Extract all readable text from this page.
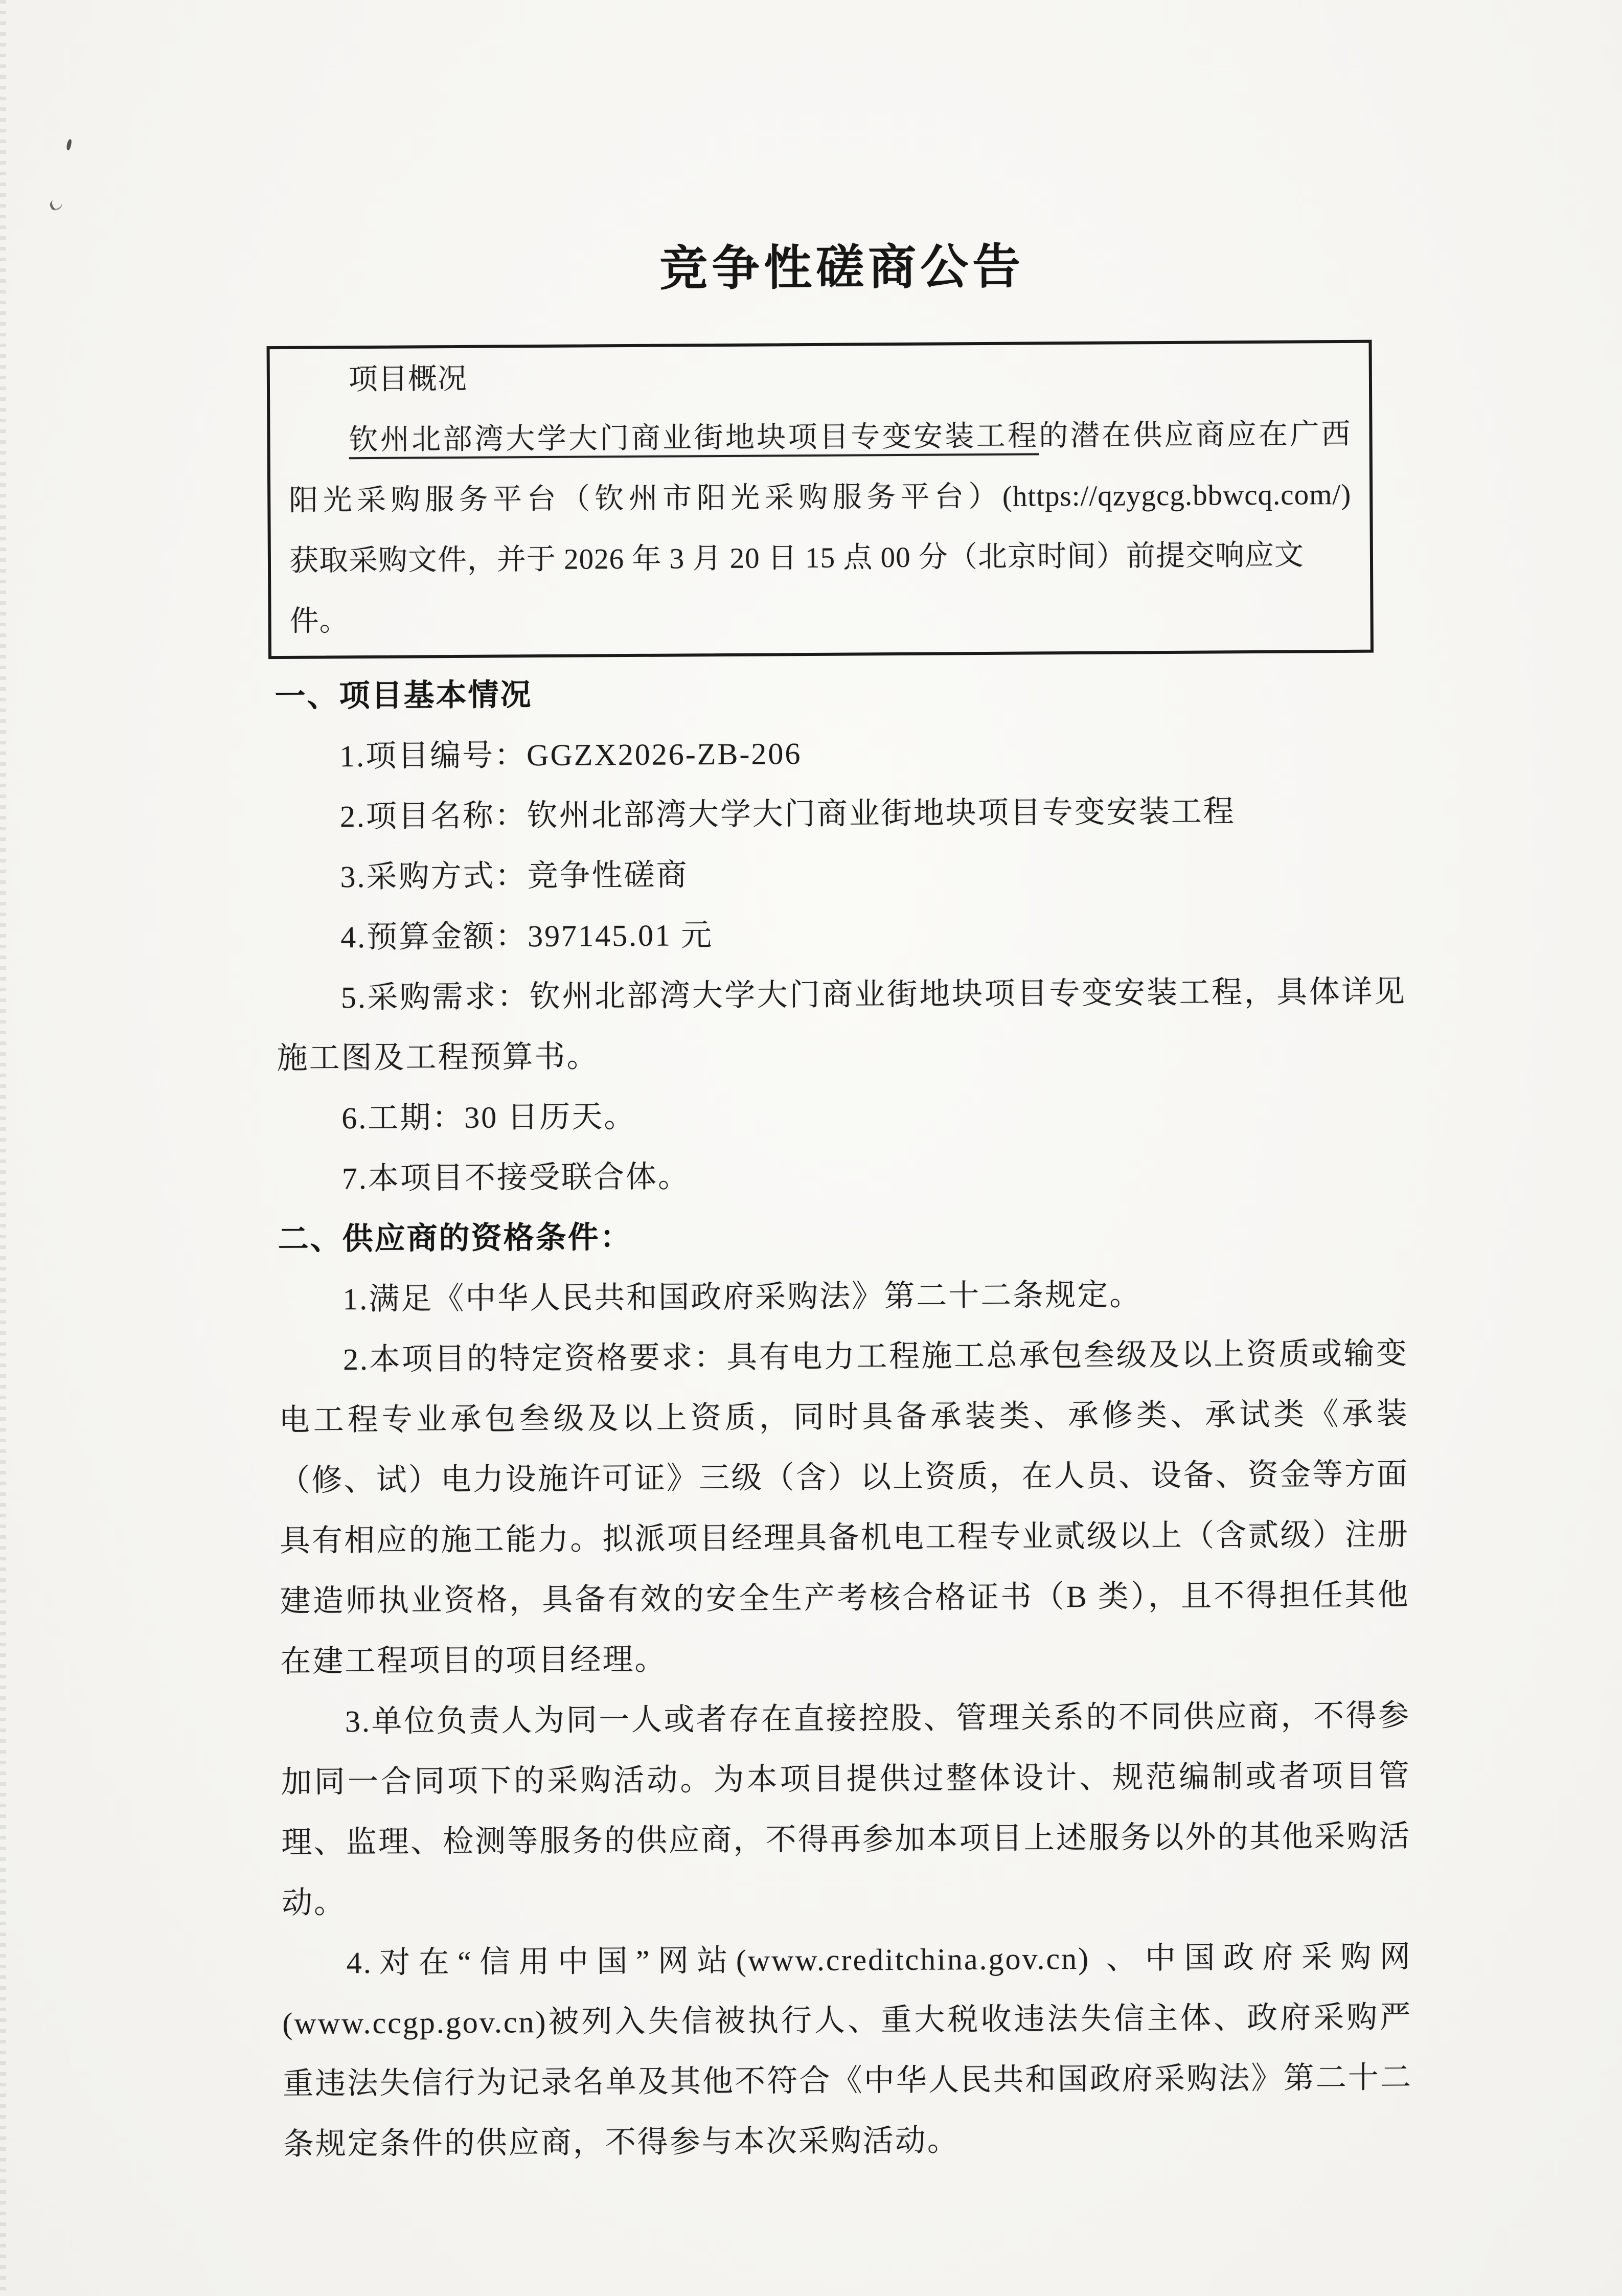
竞争性磋商公告
项目概况
钦州北部湾大学大门商业街地块项目专变安装工程的潜在供应商应在广西
阳光采购服务平台（钦州市阳光采购服务平台）(https://qzygcg.bbwcq.com/)
获取采购文件，并于 2026 年 3 月 20 日 15 点 00 分（北京时间）前提交响应文件。
一、项目基本情况

1.项目编号：GGZX2026-ZB-206

2.项目名称：钦州北部湾大学大门商业街地块项目专变安装工程

3.采购方式：竞争性磋商

4.预算金额：397145.01 元

5.采购需求：钦州北部湾大学大门商业街地块项目专变安装工程，具体详见施工图及工程预算书。

6.工期：30 日历天。

7.本项目不接受联合体。

二、供应商的资格条件：

1.满足《中华人民共和国政府采购法》第二十二条规定。

2.本项目的特定资格要求：具有电力工程施工总承包叁级及以上资质或输变电工程专业承包叁级及以上资质，同时具备承装类、承修类、承试类《承装（修、试）电力设施许可证》三级（含）以上资质，在人员、设备、资金等方面具有相应的施工能力。拟派项目经理具备机电工程专业贰级以上（含贰级）注册建造师执业资格，具备有效的安全生产考核合格证书（B 类），且不得担任其他在建工程项目的项目经理。

3.单位负责人为同一人或者存在直接控股、管理关系的不同供应商，不得参加同一合同项下的采购活动。为本项目提供过整体设计、规范编制或者项目管理、监理、检测等服务的供应商，不得再参加本项目上述服务以外的其他采购活动。

4.对在“信用中国”网站(www.creditchina.gov.cn) 、中国政府采购网(www.ccgp.gov.cn)被列入失信被执行人、重大税收违法失信主体、政府采购严重违法失信行为记录名单及其他不符合《中华人民共和国政府采购法》第二十二条规定条件的供应商，不得参与本次采购活动。
